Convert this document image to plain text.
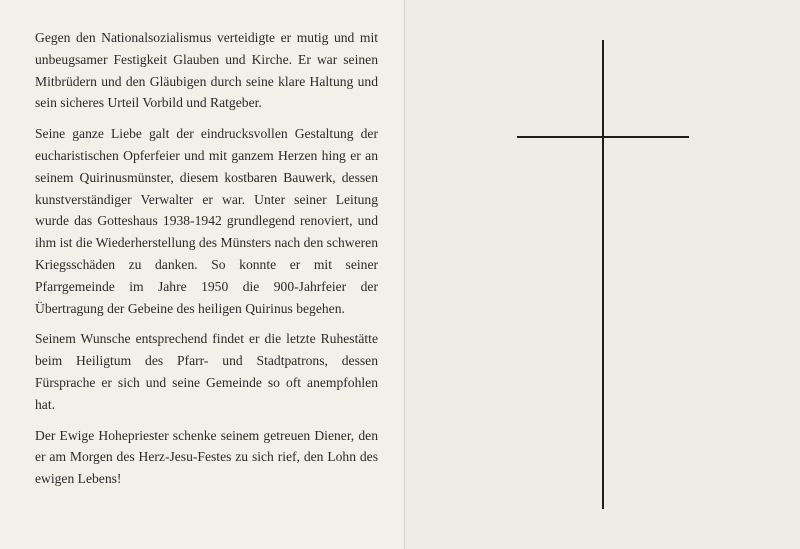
Gegen den Nationalsozialismus verteidigte er mutig und mit unbeugsamer Festigkeit Glauben und Kirche. Er war seinen Mitbrüdern und den Gläubigen durch seine klare Haltung und sein sicheres Urteil Vorbild und Ratgeber.

Seine ganze Liebe galt der eindrucksvollen Gestaltung der eucharistischen Opferfeier und mit ganzem Herzen hing er an seinem Quirinusmünster, diesem kostbaren Bauwerk, dessen kunstverständiger Verwalter er war. Unter seiner Leitung wurde das Gotteshaus 1938-1942 grundlegend renoviert, und ihm ist die Wiederherstellung des Münsters nach den schweren Kriegsschäden zu danken. So konnte er mit seiner Pfarrgemeinde im Jahre 1950 die 900-Jahrfeier der Übertragung der Gebeine des heiligen Quirinus begehen.

Seinem Wunsche entsprechend findet er die letzte Ruhestätte beim Heiligtum des Pfarr- und Stadtpatrons, dessen Fürsprache er sich und seine Gemeinde so oft anempfohlen hat.

Der Ewige Hohepriester schenke seinem getreuen Diener, den er am Morgen des Herz-Jesu-Festes zu sich rief, den Lohn des ewigen Lebens!
